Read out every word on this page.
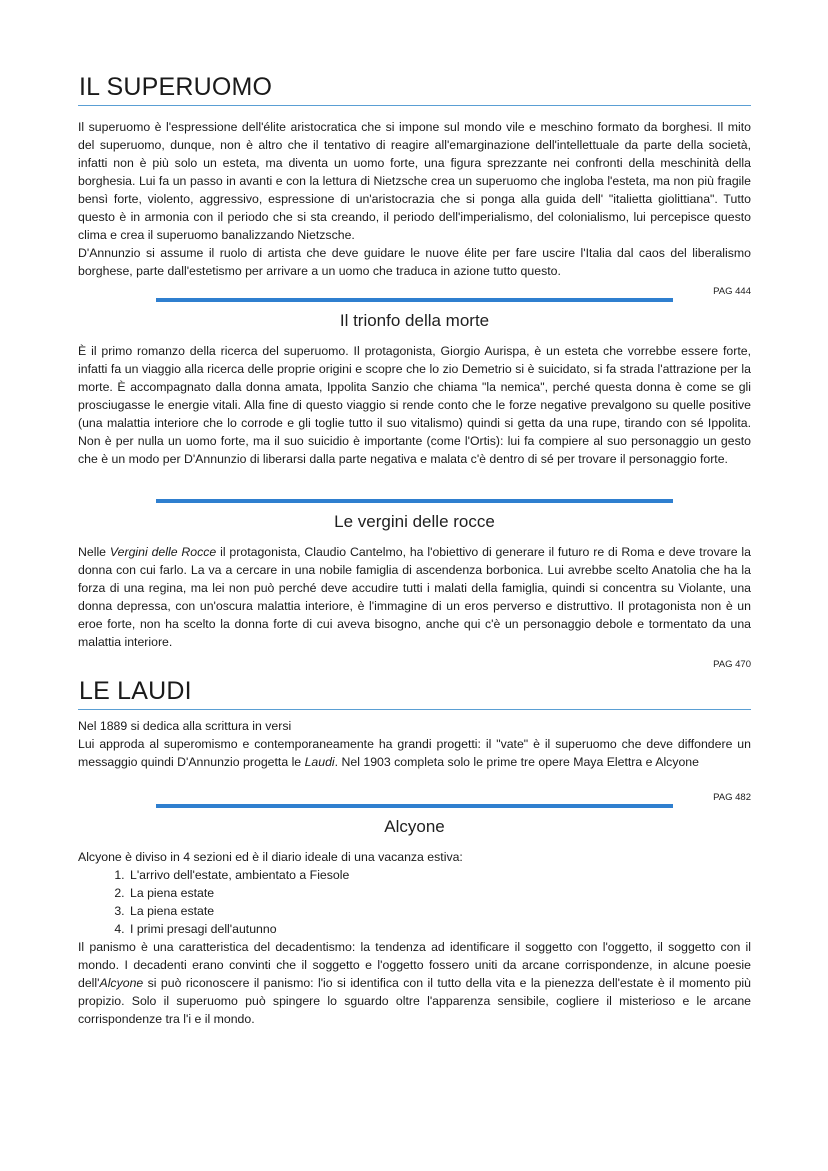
IL SUPERUOMO

Il superuomo è l'espressione dell'élite aristocratica che si impone sul mondo vile e meschino formato da borghesi. Il mito del superuomo, dunque, non è altro che il tentativo di reagire all'emarginazione dell'intellettuale da parte della società, infatti non è più solo un esteta, ma diventa un uomo forte, una figura sprezzante nei confronti della meschinità della borghesia. Lui fa un passo in avanti e con la lettura di Nietzsche crea un superuomo che ingloba l'esteta, ma non più fragile bensì forte, violento, aggressivo, espressione di un'aristocrazia che si ponga alla guida dell' "italietta giolittiana". Tutto questo è in armonia con il periodo che si sta creando, il periodo dell'imperialismo, del colonialismo, lui percepisce questo clima e crea il superuomo banalizzando Nietzsche.

D'Annunzio si assume il ruolo di artista che deve guidare le nuove élite per fare uscire l'Italia dal caos del liberalismo borghese, parte dall'estetismo per arrivare a un uomo che traduca in azione tutto questo.

PAG 444

Il trionfo della morte

È il primo romanzo della ricerca del superuomo. Il protagonista, Giorgio Aurispa, è un esteta che vorrebbe essere forte, infatti fa un viaggio alla ricerca delle proprie origini e scopre che lo zio Demetrio si è suicidato, si fa strada l'attrazione per la morte. È accompagnato dalla donna amata, Ippolita Sanzio che chiama "la nemica", perché questa donna è come se gli prosciugasse le energie vitali. Alla fine di questo viaggio si rende conto che le forze negative prevalgono su quelle positive (una malattia interiore che lo corrode e gli toglie tutto il suo vitalismo) quindi si getta da una rupe, tirando con sé Ippolita. Non è per nulla un uomo forte, ma il suo suicidio è importante (come l'Ortis): lui fa compiere al suo personaggio un gesto che è un modo per D'Annunzio di liberarsi dalla parte negativa e malata c'è dentro di sé per trovare il personaggio forte.

Le vergini delle rocce

Nelle Vergini delle Rocce il protagonista, Claudio Cantelmo, ha l'obiettivo di generare il futuro re di Roma e deve trovare la donna con cui farlo. La va a cercare in una nobile famiglia di ascendenza borbonica. Lui avrebbe scelto Anatolia che ha la forza di una regina, ma lei non può perché deve accudire tutti i malati della famiglia, quindi si concentra su Violante, una donna depressa, con un'oscura malattia interiore, è l'immagine di un eros perverso e distruttivo. Il protagonista non è un eroe forte, non ha scelto la donna forte di cui aveva bisogno, anche qui c'è un personaggio debole e tormentato da una malattia interiore.

PAG 470

LE LAUDI

Nel 1889 si dedica alla scrittura in versi

Lui approda al superomismo e contemporaneamente ha grandi progetti: il "vate" è il superuomo che deve diffondere un messaggio quindi D'Annunzio progetta le Laudi. Nel 1903 completa solo le prime tre opere Maya Elettra e Alcyone

PAG 482

Alcyone

Alcyone è diviso in 4 sezioni ed è il diario ideale di una vacanza estiva:

1. L'arrivo dell'estate, ambientato a Fiesole
2. La piena estate
3. La piena estate
4. I primi presagi dell'autunno

Il panismo è una caratteristica del decadentismo: la tendenza ad identificare il soggetto con l'oggetto, il soggetto con il mondo. I decadenti erano convinti che il soggetto e l'oggetto fossero uniti da arcane corrispondenze, in alcune poesie dell'Alcyone si può riconoscere il panismo: l'io si identifica con il tutto della vita e la pienezza dell'estate è il momento più propizio. Solo il superuomo può spingere lo sguardo oltre l'apparenza sensibile, cogliere il misterioso e le arcane corrispondenze tra l'i e il mondo.
